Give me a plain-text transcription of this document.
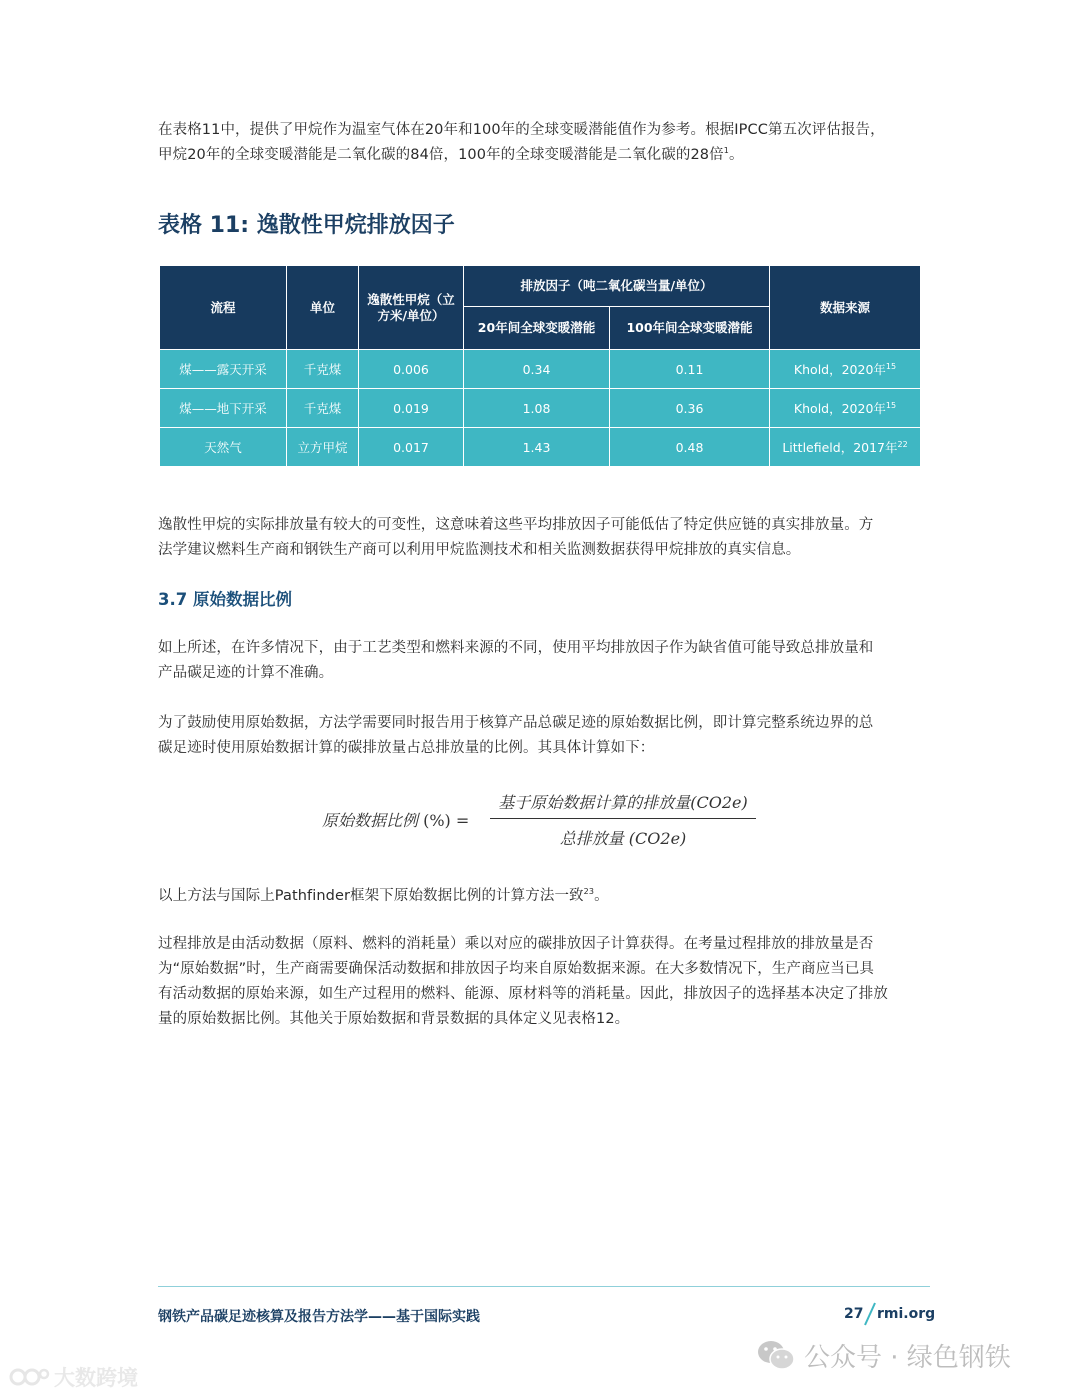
在表格11中，提供了甲烷作为温室气体在20年和100年的全球变暖潜能值作为参考。根据IPCC第五次评估报告，
甲烷20年的全球变暖潜能是二氧化碳的84倍，100年的全球变暖潜能是二氧化碳的28倍$^1$。

表格 11: 逸散性甲烷排放因子
流程	单位	逸散性甲烷（立方米/单位）	排放因子（吨二氧化碳当量/单位）		数据来源
			20年间全球变暖潜能	100年间全球变暖潜能	
煤——露天开采	千克煤	0.006	0.34	0.11	Khold，2020年$^{15}$
煤——地下开采	千克煤	0.019	1.08	0.36	Khold，2020年$^{15}$
天然气	立方甲烷	0.017	1.43	0.48	Littlefield，2017年$^{22}$

逸散性甲烷的实际排放量有较大的可变性，这意味着这些平均排放因子可能低估了特定供应链的真实排放量。方
法学建议燃料生产商和钢铁生产商可以利用甲烷监测技术和相关监测数据获得甲烷排放的真实信息。

3.7 原始数据比例

如上所述，在许多情况下，由于工艺类型和燃料来源的不同，使用平均排放因子作为缺省值可能导致总排放量和
产品碳足迹的计算不准确。

为了鼓励使用原始数据，方法学需要同时报告用于核算产品总碳足迹的原始数据比例，即计算完整系统边界的总
碳足迹时使用原始数据计算的碳排放量占总排放量的比例。其具体计算如下：

原始数据比例 (%) =
基于原始数据计算的排放量(CO2e)
总排放量 (CO2e)

以上方法与国际上Pathfinder框架下原始数据比例的计算方法一致$^{23}$。

过程排放是由活动数据（原料、燃料的消耗量）乘以对应的碳排放因子计算获得。在考量过程排放的排放量是否
为“原始数据”时，生产商需要确保活动数据和排放因子均来自原始数据来源。在大多数情况下，生产商应当已具
有活动数据的原始来源，如生产过程用的燃料、能源、原材料等的消耗量。因此，排放因子的选择基本决定了排放
量的原始数据比例。其他关于原始数据和背景数据的具体定义见表格12。

钢铁产品碳足迹核算及报告方法学——基于国际实践	27 rmi.org
公众号 · 绿色钢铁
大数跨境
